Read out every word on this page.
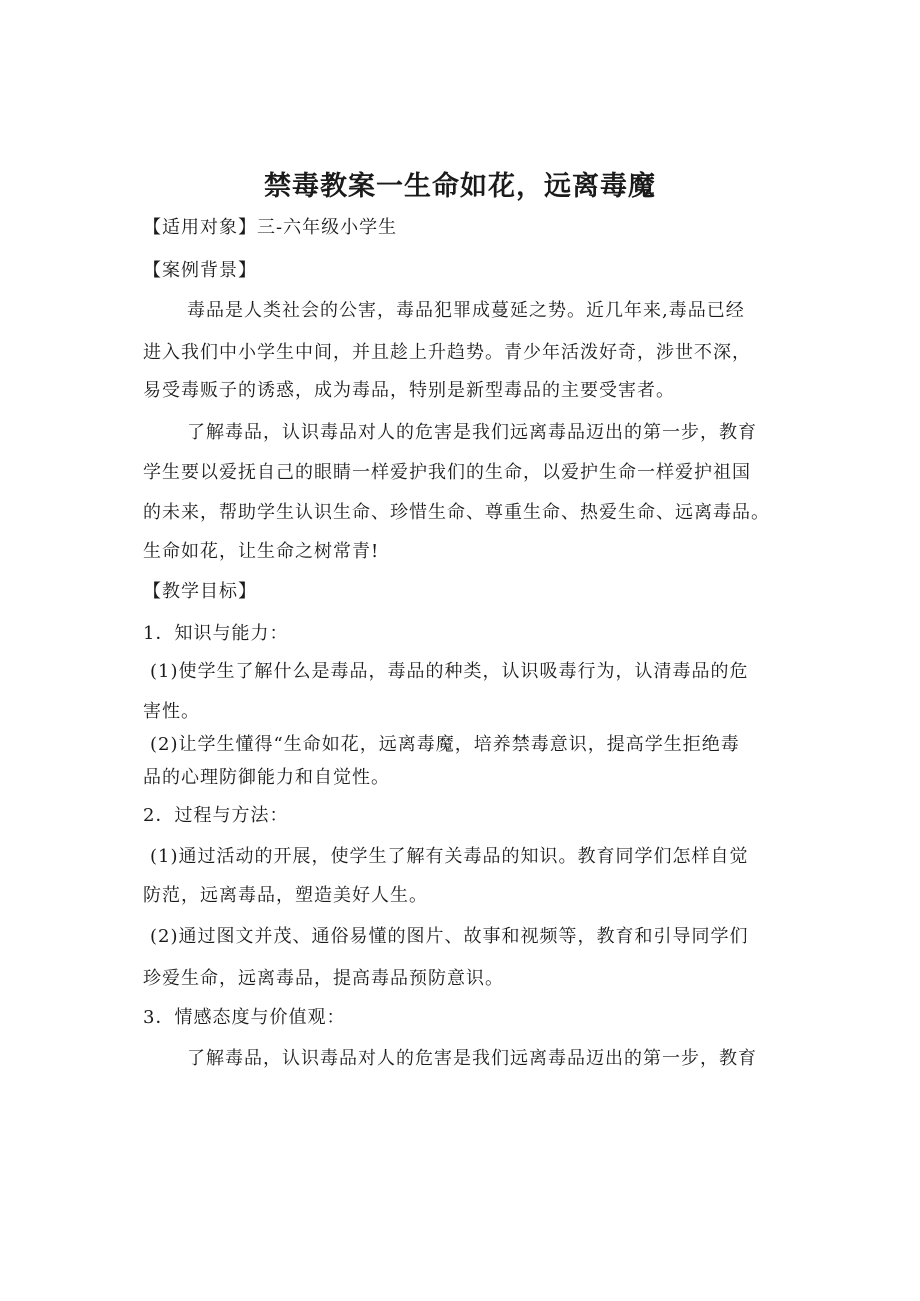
禁毒教案一生命如花，远离毒魔
【适用对象】三-六年级小学生
【案例背景】
毒品是人类社会的公害，毒品犯罪成蔓延之势。近几年来,毒品已经
进入我们中小学生中间，并且趁上升趋势。青少年活泼好奇，涉世不深，
易受毒贩子的诱惑，成为毒品，特别是新型毒品的主要受害者。
了解毒品，认识毒品对人的危害是我们远离毒品迈出的第一步，教育
学生要以爱抚自己的眼睛一样爱护我们的生命，以爱护生命一样爱护祖国
的未来，帮助学生认识生命、珍惜生命、尊重生命、热爱生命、远离毒品。
生命如花，让生命之树常青!
【教学目标】
1．知识与能力：
(1)使学生了解什么是毒品，毒品的种类，认识吸毒行为，认清毒品的危
害性。
(2)让学生懂得“生命如花，远离毒魔，培养禁毒意识，提高学生拒绝毒
品的心理防御能力和自觉性。
2．过程与方法：
(1)通过活动的开展，使学生了解有关毒品的知识。教育同学们怎样自觉
防范，远离毒品，塑造美好人生。
(2)通过图文并茂、通俗易懂的图片、故事和视频等，教育和引导同学们
珍爱生命，远离毒品，提高毒品预防意识。
3．情感态度与价值观：
了解毒品，认识毒品对人的危害是我们远离毒品迈出的第一步，教育
